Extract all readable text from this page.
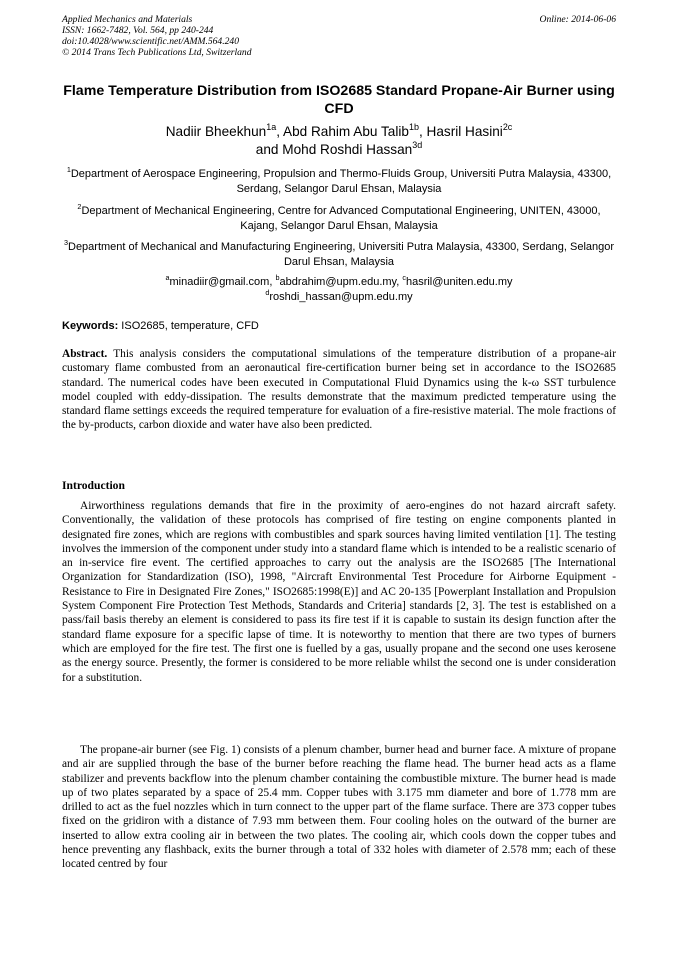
Applied Mechanics and Materials
ISSN: 1662-7482, Vol. 564, pp 240-244
doi:10.4028/www.scientific.net/AMM.564.240
© 2014 Trans Tech Publications Ltd, Switzerland
Online: 2014-06-06
Flame Temperature Distribution from ISO2685 Standard Propane-Air Burner using CFD
Nadiir Bheekhun$^{1a}$, Abd Rahim Abu Talib$^{1b}$, Hasril Hasini$^{2c}$
and Mohd Roshdi Hassan$^{3d}$
$^1$Department of Aerospace Engineering, Propulsion and Thermo-Fluids Group, Universiti Putra Malaysia, 43300, Serdang, Selangor Darul Ehsan, Malaysia
$^2$Department of Mechanical Engineering, Centre for Advanced Computational Engineering, UNITEN, 43000, Kajang, Selangor Darul Ehsan, Malaysia
$^3$Department of Mechanical and Manufacturing Engineering, Universiti Putra Malaysia, 43300, Serdang, Selangor Darul Ehsan, Malaysia
$^a$minadiir@gmail.com, $^b$abdrahim@upm.edu.my, $^c$hasril@uniten.edu.my
$^d$roshdi_hassan@upm.edu.my
Keywords: ISO2685, temperature, CFD

Abstract. This analysis considers the computational simulations of the temperature distribution of a propane-air customary flame combusted from an aeronautical fire-certification burner being set in accordance to the ISO2685 standard. The numerical codes have been executed in Computational Fluid Dynamics using the k-ω SST turbulence model coupled with eddy-dissipation. The results demonstrate that the maximum predicted temperature using the standard flame settings exceeds the required temperature for evaluation of a fire-resistive material. The mole fractions of the by-products, carbon dioxide and water have also been predicted.

Introduction

Airworthiness regulations demands that fire in the proximity of aero-engines do not hazard aircraft safety. Conventionally, the validation of these protocols has comprised of fire testing on engine components planted in designated fire zones, which are regions with combustibles and spark sources having limited ventilation [1]. The testing involves the immersion of the component under study into a standard flame which is intended to be a realistic scenario of an in-service fire event. The certified approaches to carry out the analysis are the ISO2685 [The International Organization for Standardization (ISO), 1998, "Aircraft Environmental Test Procedure for Airborne Equipment - Resistance to Fire in Designated Fire Zones," ISO2685:1998(E)] and AC 20-135 [Powerplant Installation and Propulsion System Component Fire Protection Test Methods, Standards and Criteria] standards [2, 3]. The test is established on a pass/fail basis thereby an element is considered to pass its fire test if it is capable to sustain its design function after the standard flame exposure for a specific lapse of time. It is noteworthy to mention that there are two types of burners which are employed for the fire test. The first one is fuelled by a gas, usually propane and the second one uses kerosene as the energy source. Presently, the former is considered to be more reliable whilst the second one is under consideration for a substitution.

The propane-air burner (see Fig. 1) consists of a plenum chamber, burner head and burner face. A mixture of propane and air are supplied through the base of the burner before reaching the flame head. The burner head acts as a flame stabilizer and prevents backflow into the plenum chamber containing the combustible mixture. The burner head is made up of two plates separated by a space of 25.4 mm. Copper tubes with 3.175 mm diameter and bore of 1.778 mm are drilled to act as the fuel nozzles which in turn connect to the upper part of the flame surface. There are 373 copper tubes fixed on the gridiron with a distance of 7.93 mm between them. Four cooling holes on the outward of the burner are inserted to allow extra cooling air in between the two plates. The cooling air, which cools down the copper tubes and hence preventing any flashback, exits the burner through a total of 332 holes with diameter of 2.578 mm; each of these located centred by four
